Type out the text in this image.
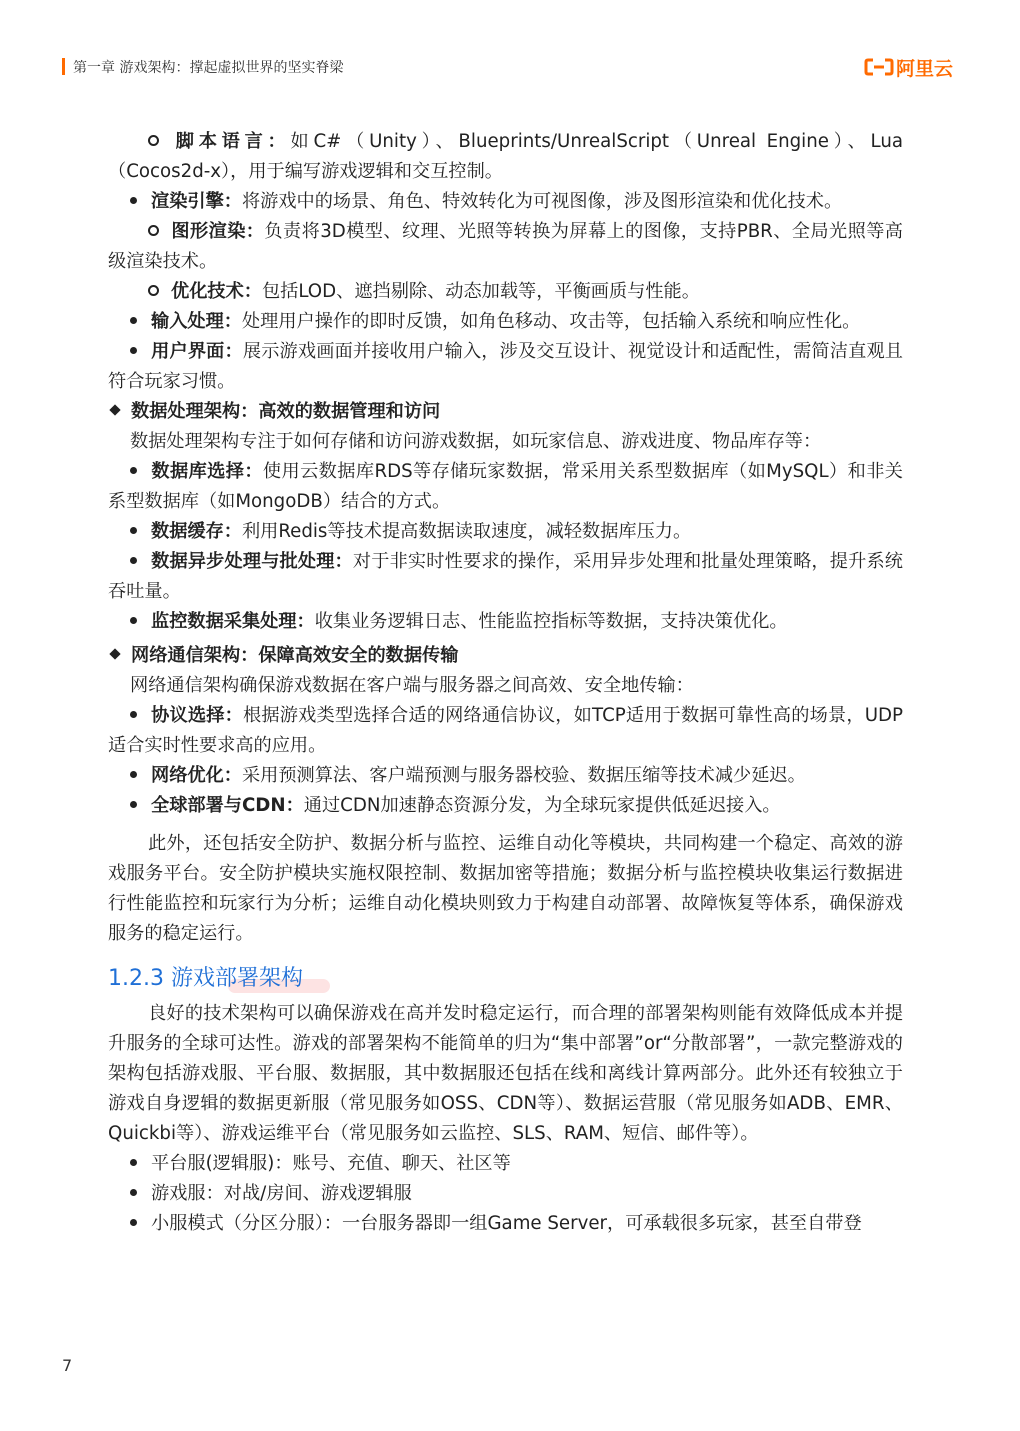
第一章 游戏架构：撑起虚拟世界的坚实脊梁	阿里云

脚本语言：如C#（Unity）、Blueprints/UnrealScript（Unreal Engine）、Lua（Cocos2d-x），用于编写游戏逻辑和交互控制。

渲染引擎：将游戏中的场景、角色、特效转化为可视图像，涉及图形渲染和优化技术。

图形渲染：负责将3D模型、纹理、光照等转换为屏幕上的图像，支持PBR、全局光照等高级渲染技术。

优化技术：包括LOD、遮挡剔除、动态加载等，平衡画质与性能。

输入处理：处理用户操作的即时反馈，如角色移动、攻击等，包括输入系统和响应性化。

用户界面：展示游戏画面并接收用户输入，涉及交互设计、视觉设计和适配性，需简洁直观且符合玩家习惯。

数据处理架构：高效的数据管理和访问

数据处理架构专注于如何存储和访问游戏数据，如玩家信息、游戏进度、物品库存等：

数据库选择：使用云数据库RDS等存储玩家数据，常采用关系型数据库（如MySQL）和非关系型数据库（如MongoDB）结合的方式。

数据缓存：利用Redis等技术提高数据读取速度，减轻数据库压力。

数据异步处理与批处理：对于非实时性要求的操作，采用异步处理和批量处理策略，提升系统吞吐量。

监控数据采集处理：收集业务逻辑日志、性能监控指标等数据，支持决策优化。

网络通信架构：保障高效安全的数据传输

网络通信架构确保游戏数据在客户端与服务器之间高效、安全地传输：

协议选择：根据游戏类型选择合适的网络通信协议，如TCP适用于数据可靠性高的场景，UDP适合实时性要求高的应用。

网络优化：采用预测算法、客户端预测与服务器校验、数据压缩等技术减少延迟。

全球部署与CDN：通过CDN加速静态资源分发，为全球玩家提供低延迟接入。

此外，还包括安全防护、数据分析与监控、运维自动化等模块，共同构建一个稳定、高效的游戏服务平台。安全防护模块实施权限控制、数据加密等措施；数据分析与监控模块收集运行数据进行性能监控和玩家行为分析；运维自动化模块则致力于构建自动部署、故障恢复等体系，确保游戏服务的稳定运行。

1.2.3 游戏部署架构

良好的技术架构可以确保游戏在高并发时稳定运行，而合理的部署架构则能有效降低成本并提升服务的全球可达性。游戏的部署架构不能简单的归为“集中部署”or“分散部署”，一款完整游戏的架构包括游戏服、平台服、数据服，其中数据服还包括在线和离线计算两部分。此外还有较独立于游戏自身逻辑的数据更新服（常见服务如OSS、CDN等）、数据运营服（常见服务如ADB、EMR、Quickbi等）、游戏运维平台（常见服务如云监控、SLS、RAM、短信、邮件等）。

平台服(逻辑服)：账号、充值、聊天、社区等

游戏服：对战/房间、游戏逻辑服

小服模式（分区分服）：一台服务器即一组Game Server，可承载很多玩家，甚至自带登

7
